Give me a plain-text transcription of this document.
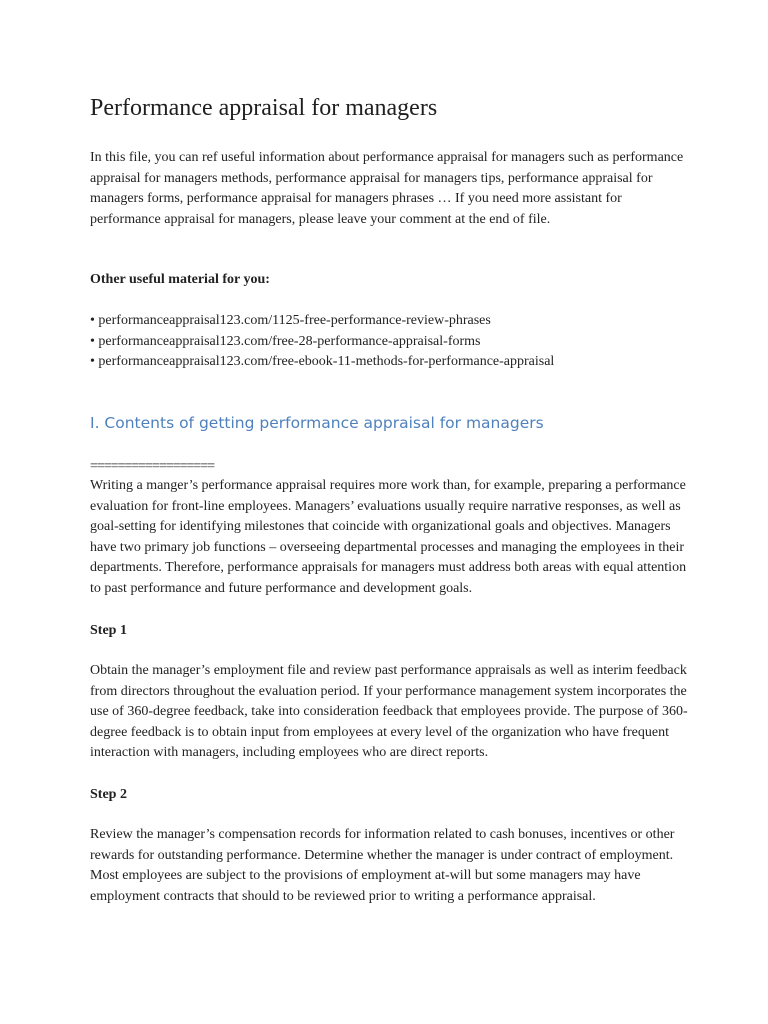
Performance appraisal for managers

In this file, you can ref useful information about performance appraisal for managers such as performance appraisal for managers methods, performance appraisal for managers tips, performance appraisal for managers forms, performance appraisal for managers phrases … If you need more assistant for performance appraisal for managers, please leave your comment at the end of file.

Other useful material for you:

• performanceappraisal123.com/1125-free-performance-review-phrases
• performanceappraisal123.com/free-28-performance-appraisal-forms
• performanceappraisal123.com/free-ebook-11-methods-for-performance-appraisal
I. Contents of getting performance appraisal for managers

==================

Writing a manger’s performance appraisal requires more work than, for example, preparing a performance evaluation for front-line employees. Managers’ evaluations usually require narrative responses, as well as goal-setting for identifying milestones that coincide with organizational goals and objectives. Managers have two primary job functions – overseeing departmental processes and managing the employees in their departments. Therefore, performance appraisals for managers must address both areas with equal attention to past performance and future performance and development goals.

Step 1

Obtain the manager’s employment file and review past performance appraisals as well as interim feedback from directors throughout the evaluation period. If your performance management system incorporates the use of 360-degree feedback, take into consideration feedback that employees provide. The purpose of 360-degree feedback is to obtain input from employees at every level of the organization who have frequent interaction with managers, including employees who are direct reports.

Step 2

Review the manager’s compensation records for information related to cash bonuses, incentives or other rewards for outstanding performance. Determine whether the manager is under contract of employment. Most employees are subject to the provisions of employment at-will but some managers may have employment contracts that should to be reviewed prior to writing a performance appraisal.
